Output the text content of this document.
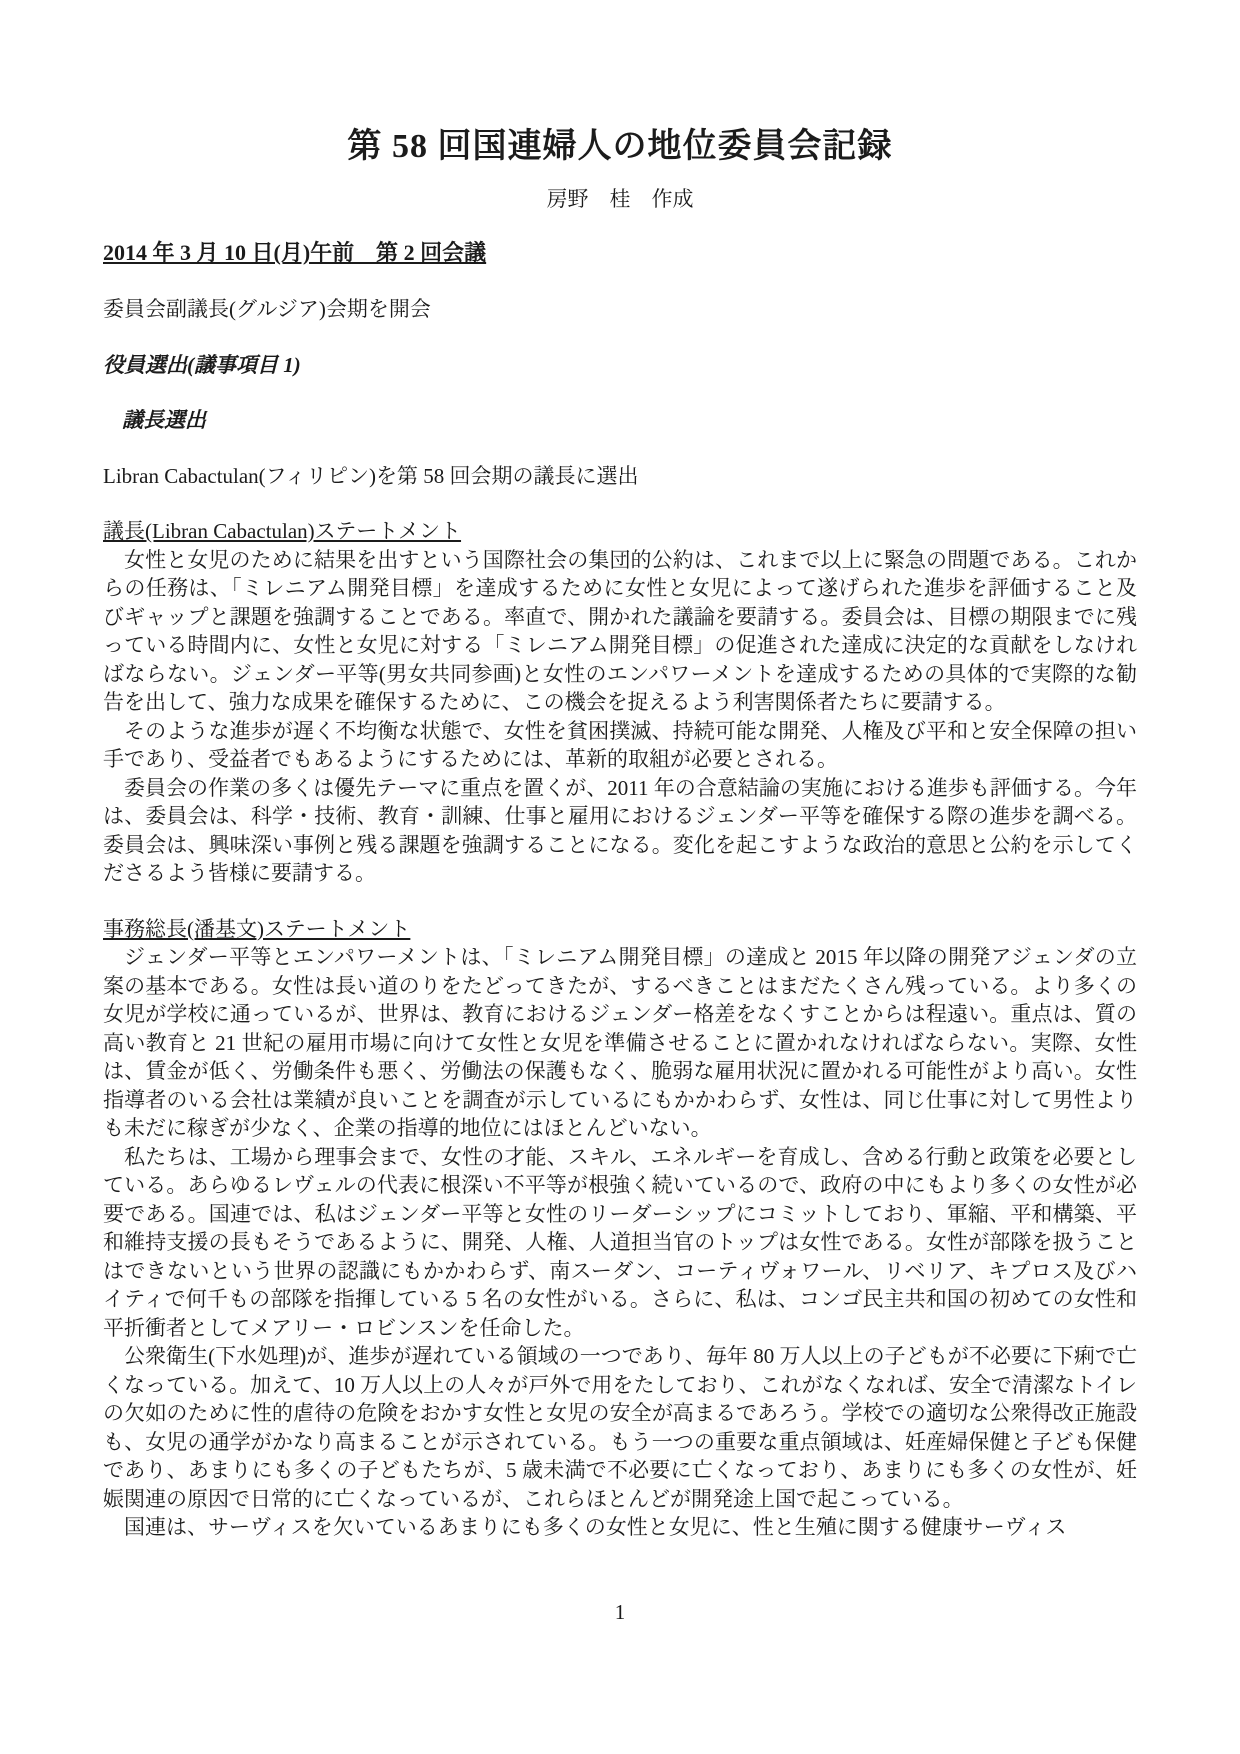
第 58 回国連婦人の地位委員会記録
房野　桂　作成
2014 年 3 月 10 日(月)午前　第 2 回会議
委員会副議長(グルジア)会期を開会
役員選出(議事項目 1)
議長選出
Libran Cabactulan(フィリピン)を第 58 回会期の議長に選出
議長(Libran Cabactulan)ステートメント

女性と女児のために結果を出すという国際社会の集団的公約は、これまで以上に緊急の問題である。これからの任務は、「ミレニアム開発目標」を達成するために女性と女児によって遂げられた進歩を評価すること及びギャップと課題を強調することである。率直で、開かれた議論を要請する。委員会は、目標の期限までに残っている時間内に、女性と女児に対する「ミレニアム開発目標」の促進された達成に決定的な貢献をしなければならない。ジェンダー平等(男女共同参画)と女性のエンパワーメントを達成するための具体的で実際的な勧告を出して、強力な成果を確保するために、この機会を捉えるよう利害関係者たちに要請する。

そのような進歩が遅く不均衡な状態で、女性を貧困撲滅、持続可能な開発、人権及び平和と安全保障の担い手であり、受益者でもあるようにするためには、革新的取組が必要とされる。

委員会の作業の多くは優先テーマに重点を置くが、2011 年の合意結論の実施における進歩も評価する。今年は、委員会は、科学・技術、教育・訓練、仕事と雇用におけるジェンダー平等を確保する際の進歩を調べる。委員会は、興味深い事例と残る課題を強調することになる。変化を起こすような政治的意思と公約を示してくださるよう皆様に要請する。

事務総長(潘基文)ステートメント

ジェンダー平等とエンパワーメントは、「ミレニアム開発目標」の達成と 2015 年以降の開発アジェンダの立案の基本である。女性は長い道のりをたどってきたが、するべきことはまだたくさん残っている。より多くの女児が学校に通っているが、世界は、教育におけるジェンダー格差をなくすことからは程遠い。重点は、質の高い教育と 21 世紀の雇用市場に向けて女性と女児を準備させることに置かれなければならない。実際、女性は、賃金が低く、労働条件も悪く、労働法の保護もなく、脆弱な雇用状況に置かれる可能性がより高い。女性指導者のいる会社は業績が良いことを調査が示しているにもかかわらず、女性は、同じ仕事に対して男性よりも未だに稼ぎが少なく、企業の指導的地位にはほとんどいない。

私たちは、工場から理事会まで、女性の才能、スキル、エネルギーを育成し、含める行動と政策を必要としている。あらゆるレヴェルの代表に根深い不平等が根強く続いているので、政府の中にもより多くの女性が必要である。国連では、私はジェンダー平等と女性のリーダーシップにコミットしており、軍縮、平和構築、平和維持支援の長もそうであるように、開発、人権、人道担当官のトップは女性である。女性が部隊を扱うことはできないという世界の認識にもかかわらず、南スーダン、コーティヴォワール、リベリア、キプロス及びハイティで何千もの部隊を指揮している 5 名の女性がいる。さらに、私は、コンゴ民主共和国の初めての女性和平折衝者としてメアリー・ロビンスンを任命した。

公衆衛生(下水処理)が、進歩が遅れている領域の一つであり、毎年 80 万人以上の子どもが不必要に下痢で亡くなっている。加えて、10 万人以上の人々が戸外で用をたしており、これがなくなれば、安全で清潔なトイレの欠如のために性的虐待の危険をおかす女性と女児の安全が高まるであろう。学校での適切な公衆得改正施設も、女児の通学がかなり高まることが示されている。もう一つの重要な重点領域は、妊産婦保健と子ども保健であり、あまりにも多くの子どもたちが、5 歳未満で不必要に亡くなっており、あまりにも多くの女性が、妊娠関連の原因で日常的に亡くなっているが、これらほとんどが開発途上国で起こっている。

国連は、サーヴィスを欠いているあまりにも多くの女性と女児に、性と生殖に関する健康サーヴィス

1
